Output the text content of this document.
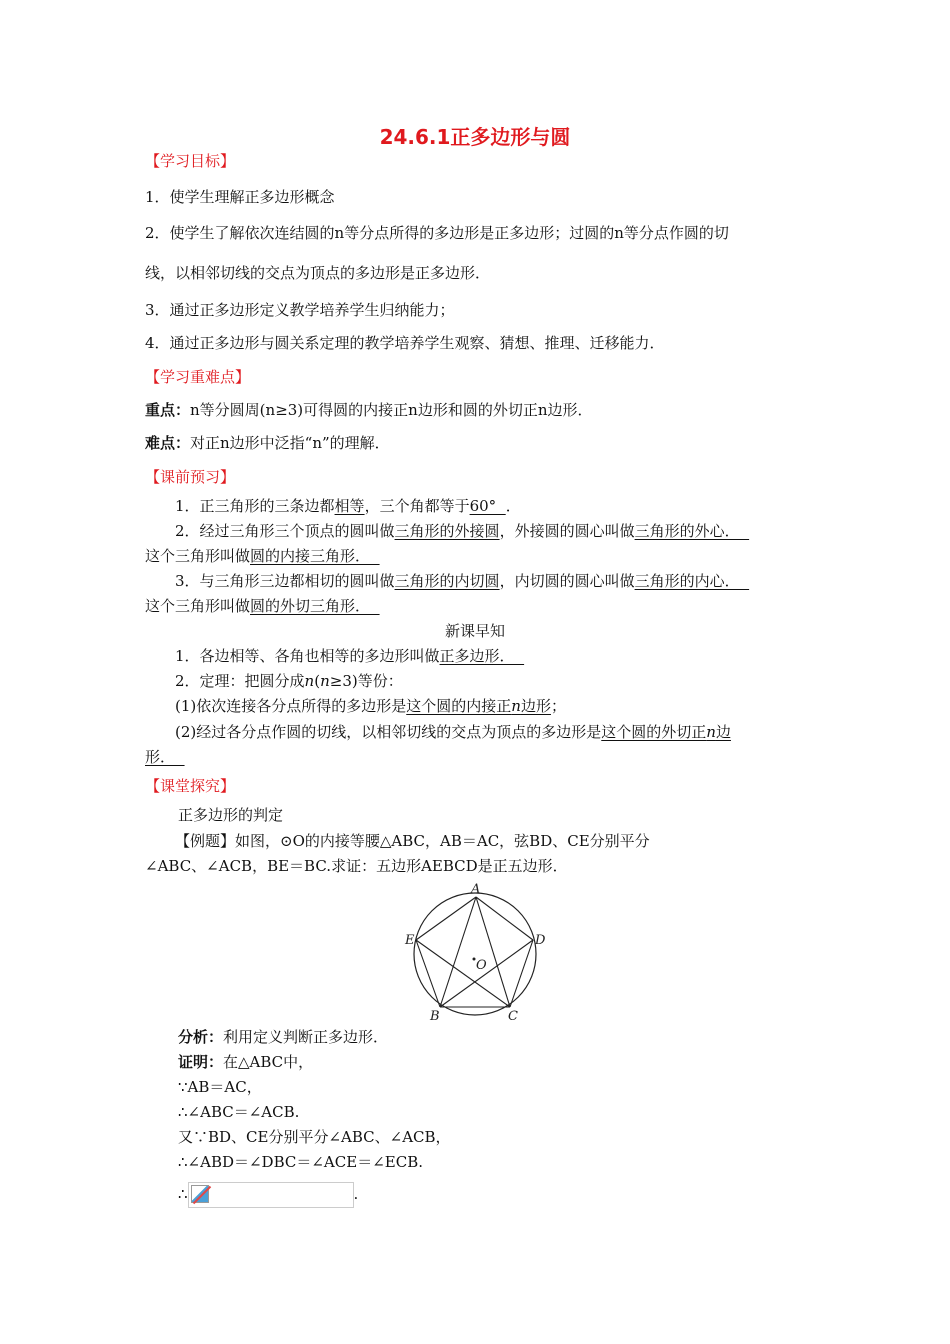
24.6.1正多边形与圆
【学习目标】
1．使学生理解正多边形概念
2．使学生了解依次连结圆的n等分点所得的多边形是正多边形；过圆的n等分点作圆的切
线，以相邻切线的交点为顶点的多边形是正多边形．
3．通过正多边形定义教学培养学生归纳能力；
4．通过正多边形与圆关系定理的教学培养学生观察、猜想、推理、迁移能力．
【学习重难点】
重点：n等分圆周(n≥3)可得圆的内接正n边形和圆的外切正n边形．
难点：对正n边形中泛指“n”的理解．
【课前预习】
1．正三角形的三条边都相等，三个角都等于60°  ．
2．经过三角形三个顶点的圆叫做三角形的外接圆，外接圆的圆心叫做三角形的外心．
这个三角形叫做圆的内接三角形．
3．与三角形三边都相切的圆叫做三角形的内切圆，内切圆的圆心叫做三角形的内心．
这个三角形叫做圆的外切三角形．
新课早知
1．各边相等、各角也相等的多边形叫做正多边形．
2．定理：把圆分成n(n≥3)等份：
(1)依次连接各分点所得的多边形是这个圆的内接正n边形；
(2)经过各分点作圆的切线，以相邻切线的交点为顶点的多边形是这个圆的外切正n边
形．
【课堂探究】
正多边形的判定
【例题】如图，⊙O的内接等腰△ABC，AB＝AC，弦BD、CE分别平分
∠ABC、∠ACB，BE＝BC.求证：五边形AEBCD是正五边形．
分析：利用定义判断正多边形．
证明：在△ABC中，
∵AB＝AC，
∴∠ABC＝∠ACB.
又∵BD、CE分别平分∠ABC、∠ACB，
∴∠ABD＝∠DBC＝∠ACE＝∠ECB.
∴	.
A
E	D
O
B	C
